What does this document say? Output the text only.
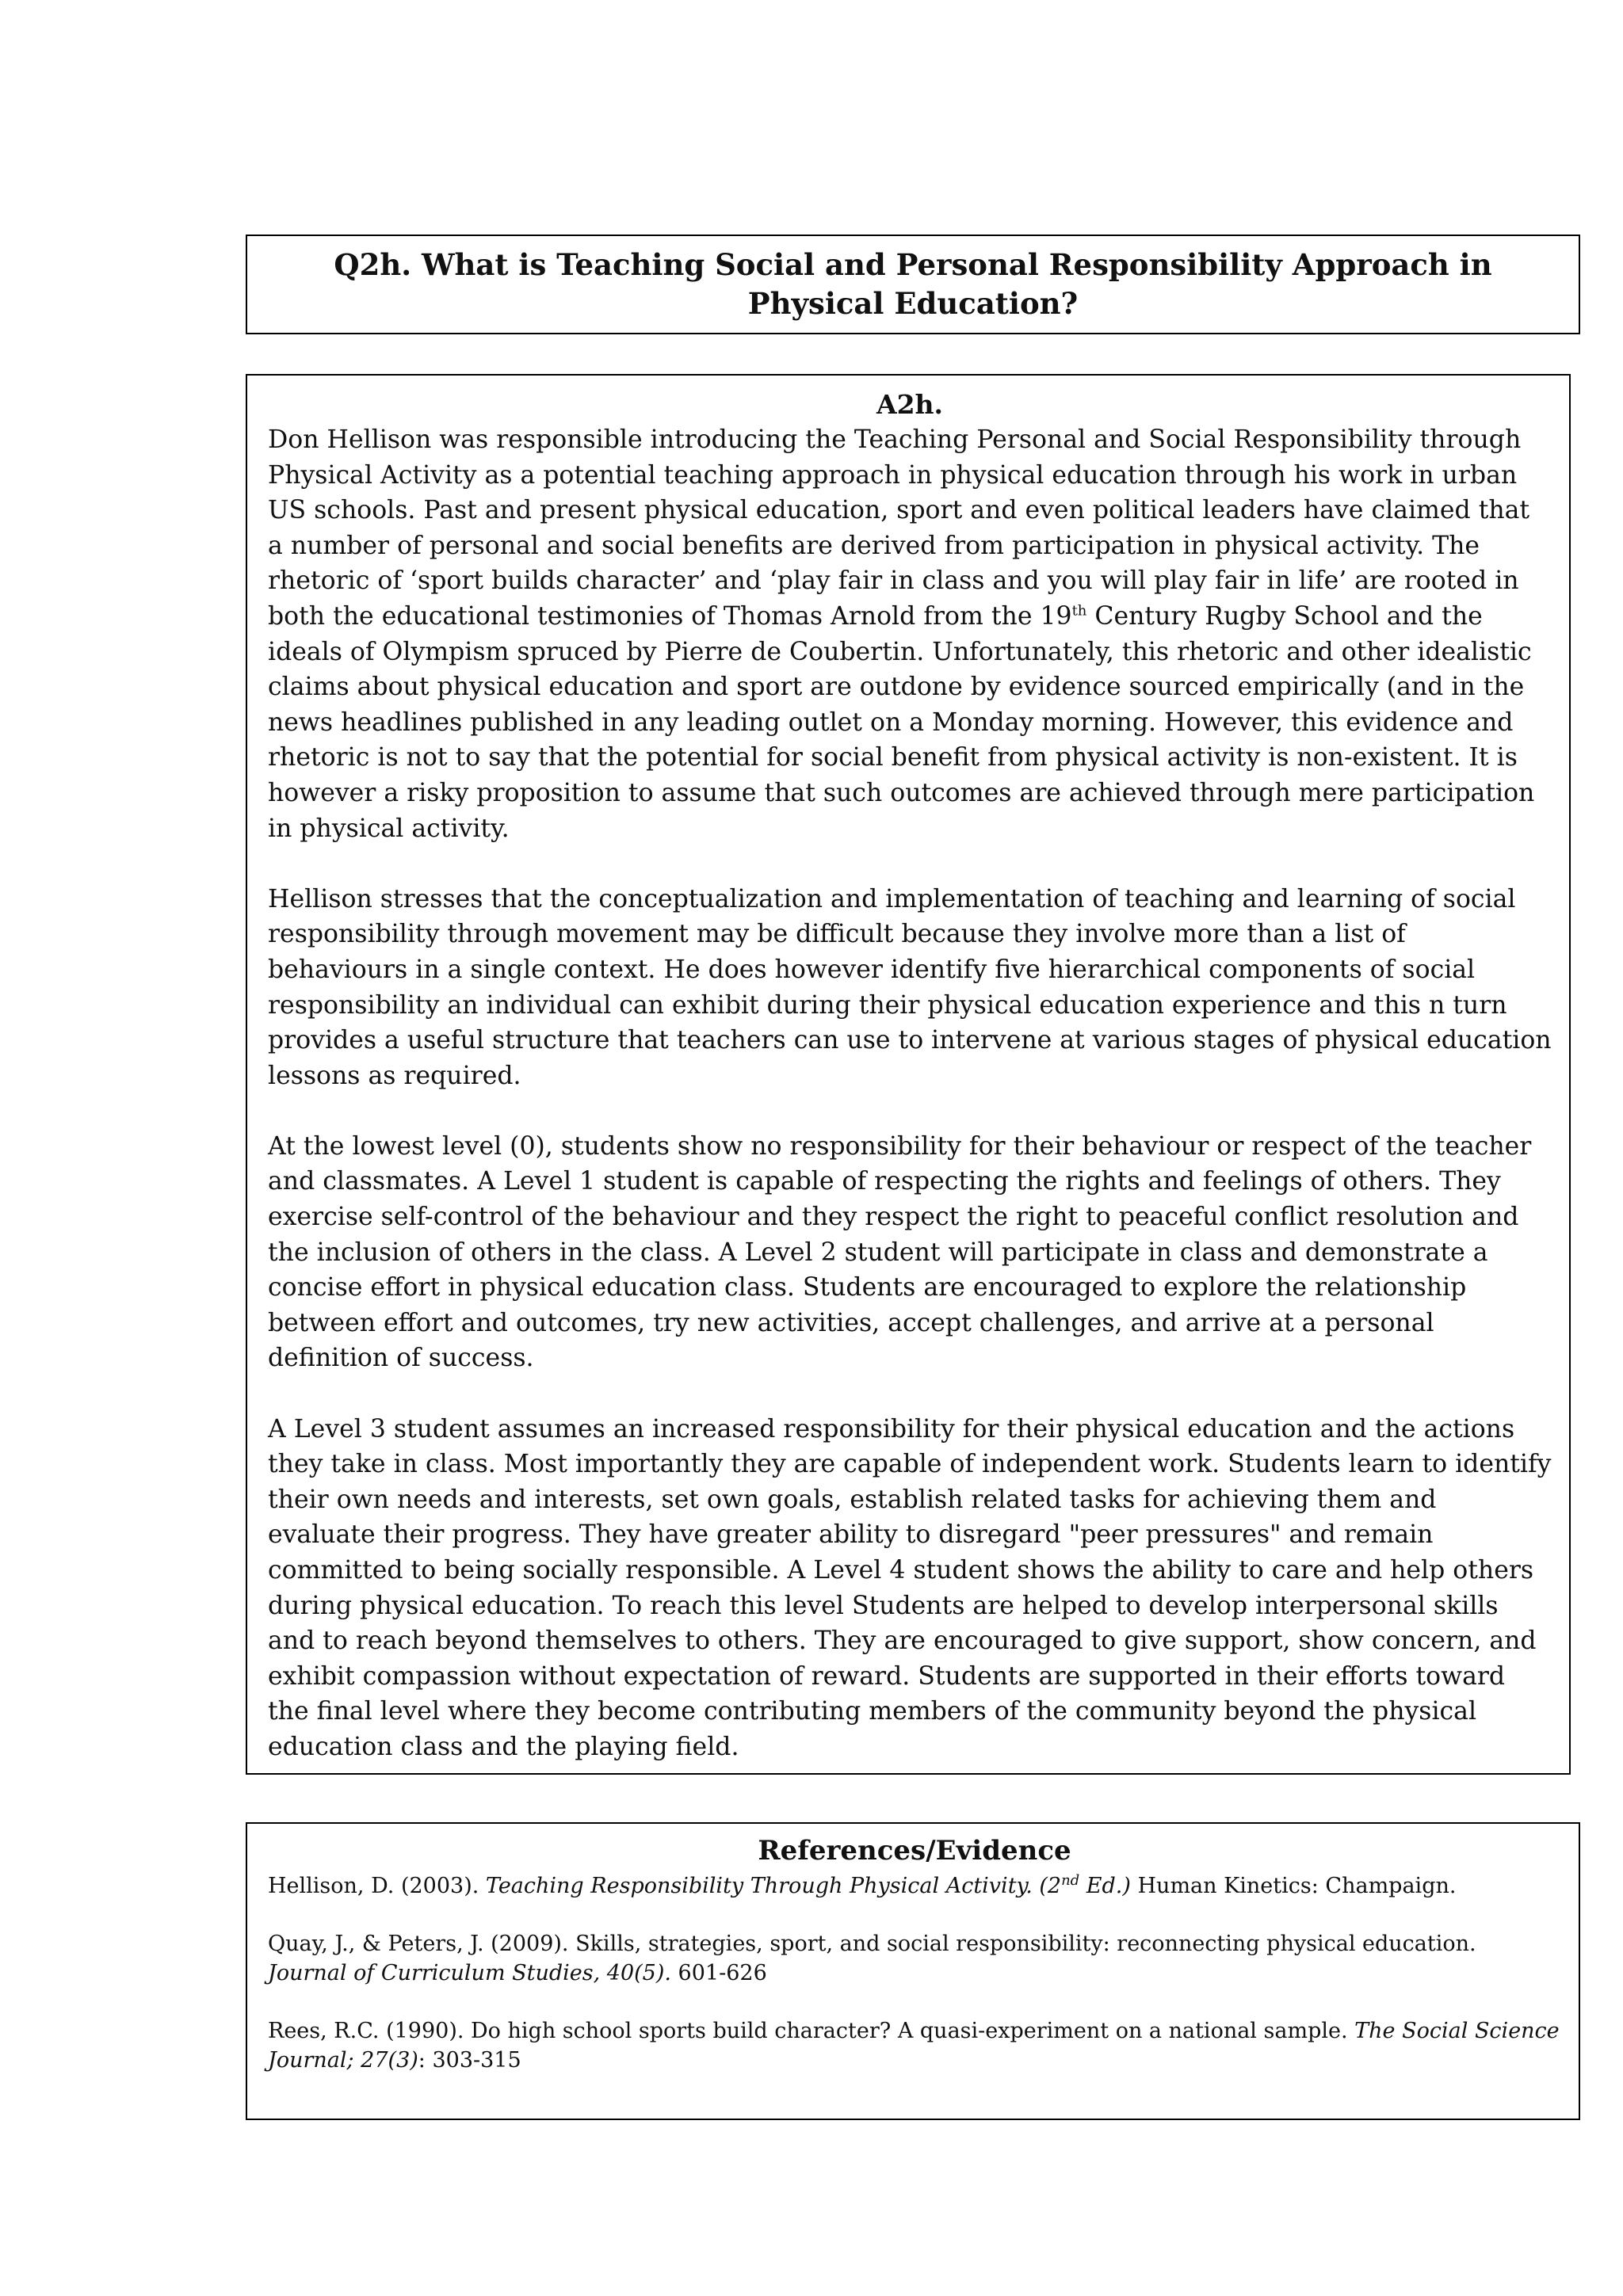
Q2h. What is Teaching Social and Personal Responsibility Approach in Physical Education?

A2h.

Don Hellison was responsible introducing the Teaching Personal and Social Responsibility through Physical Activity as a potential teaching approach in physical education through his work in urban US schools. Past and present physical education, sport and even political leaders have claimed that a number of personal and social benefits are derived from participation in physical activity. The rhetoric of ‘sport builds character’ and ‘play fair in class and you will play fair in life’ are rooted in both the educational testimonies of Thomas Arnold from the 19th Century Rugby School and the ideals of Olympism spruced by Pierre de Coubertin. Unfortunately, this rhetoric and other idealistic claims about physical education and sport are outdone by evidence sourced empirically (and in the news headlines published in any leading outlet on a Monday morning. However, this evidence and rhetoric is not to say that the potential for social benefit from physical activity is non-existent. It is however a risky proposition to assume that such outcomes are achieved through mere participation in physical activity.

Hellison stresses that the conceptualization and implementation of teaching and learning of social responsibility through movement may be difficult because they involve more than a list of behaviours in a single context. He does however identify five hierarchical components of social responsibility an individual can exhibit during their physical education experience and this n turn provides a useful structure that teachers can use to intervene at various stages of physical education lessons as required.

At the lowest level (0), students show no responsibility for their behaviour or respect of the teacher and classmates. A Level 1 student is capable of respecting the rights and feelings of others. They exercise self-control of the behaviour and they respect the right to peaceful conflict resolution and the inclusion of others in the class. A Level 2 student will participate in class and demonstrate a concise effort in physical education class. Students are encouraged to explore the relationship between effort and outcomes, try new activities, accept challenges, and arrive at a personal definition of success.

A Level 3 student assumes an increased responsibility for their physical education and the actions they take in class. Most importantly they are capable of independent work. Students learn to identify their own needs and interests, set own goals, establish related tasks for achieving them and evaluate their progress. They have greater ability to disregard "peer pressures" and remain committed to being socially responsible. A Level 4 student shows the ability to care and help others during physical education. To reach this level Students are helped to develop interpersonal skills and to reach beyond themselves to others. They are encouraged to give support, show concern, and exhibit compassion without expectation of reward. Students are supported in their efforts toward the final level where they become contributing members of the community beyond the physical education class and the playing field.

References/Evidence

Hellison, D. (2003). Teaching Responsibility Through Physical Activity. (2nd Ed.) Human Kinetics: Champaign.

Quay, J., & Peters, J. (2009). Skills, strategies, sport, and social responsibility: reconnecting physical education. Journal of Curriculum Studies, 40(5). 601-626

Rees, R.C. (1990). Do high school sports build character? A quasi-experiment on a national sample. The Social Science Journal; 27(3): 303-315
